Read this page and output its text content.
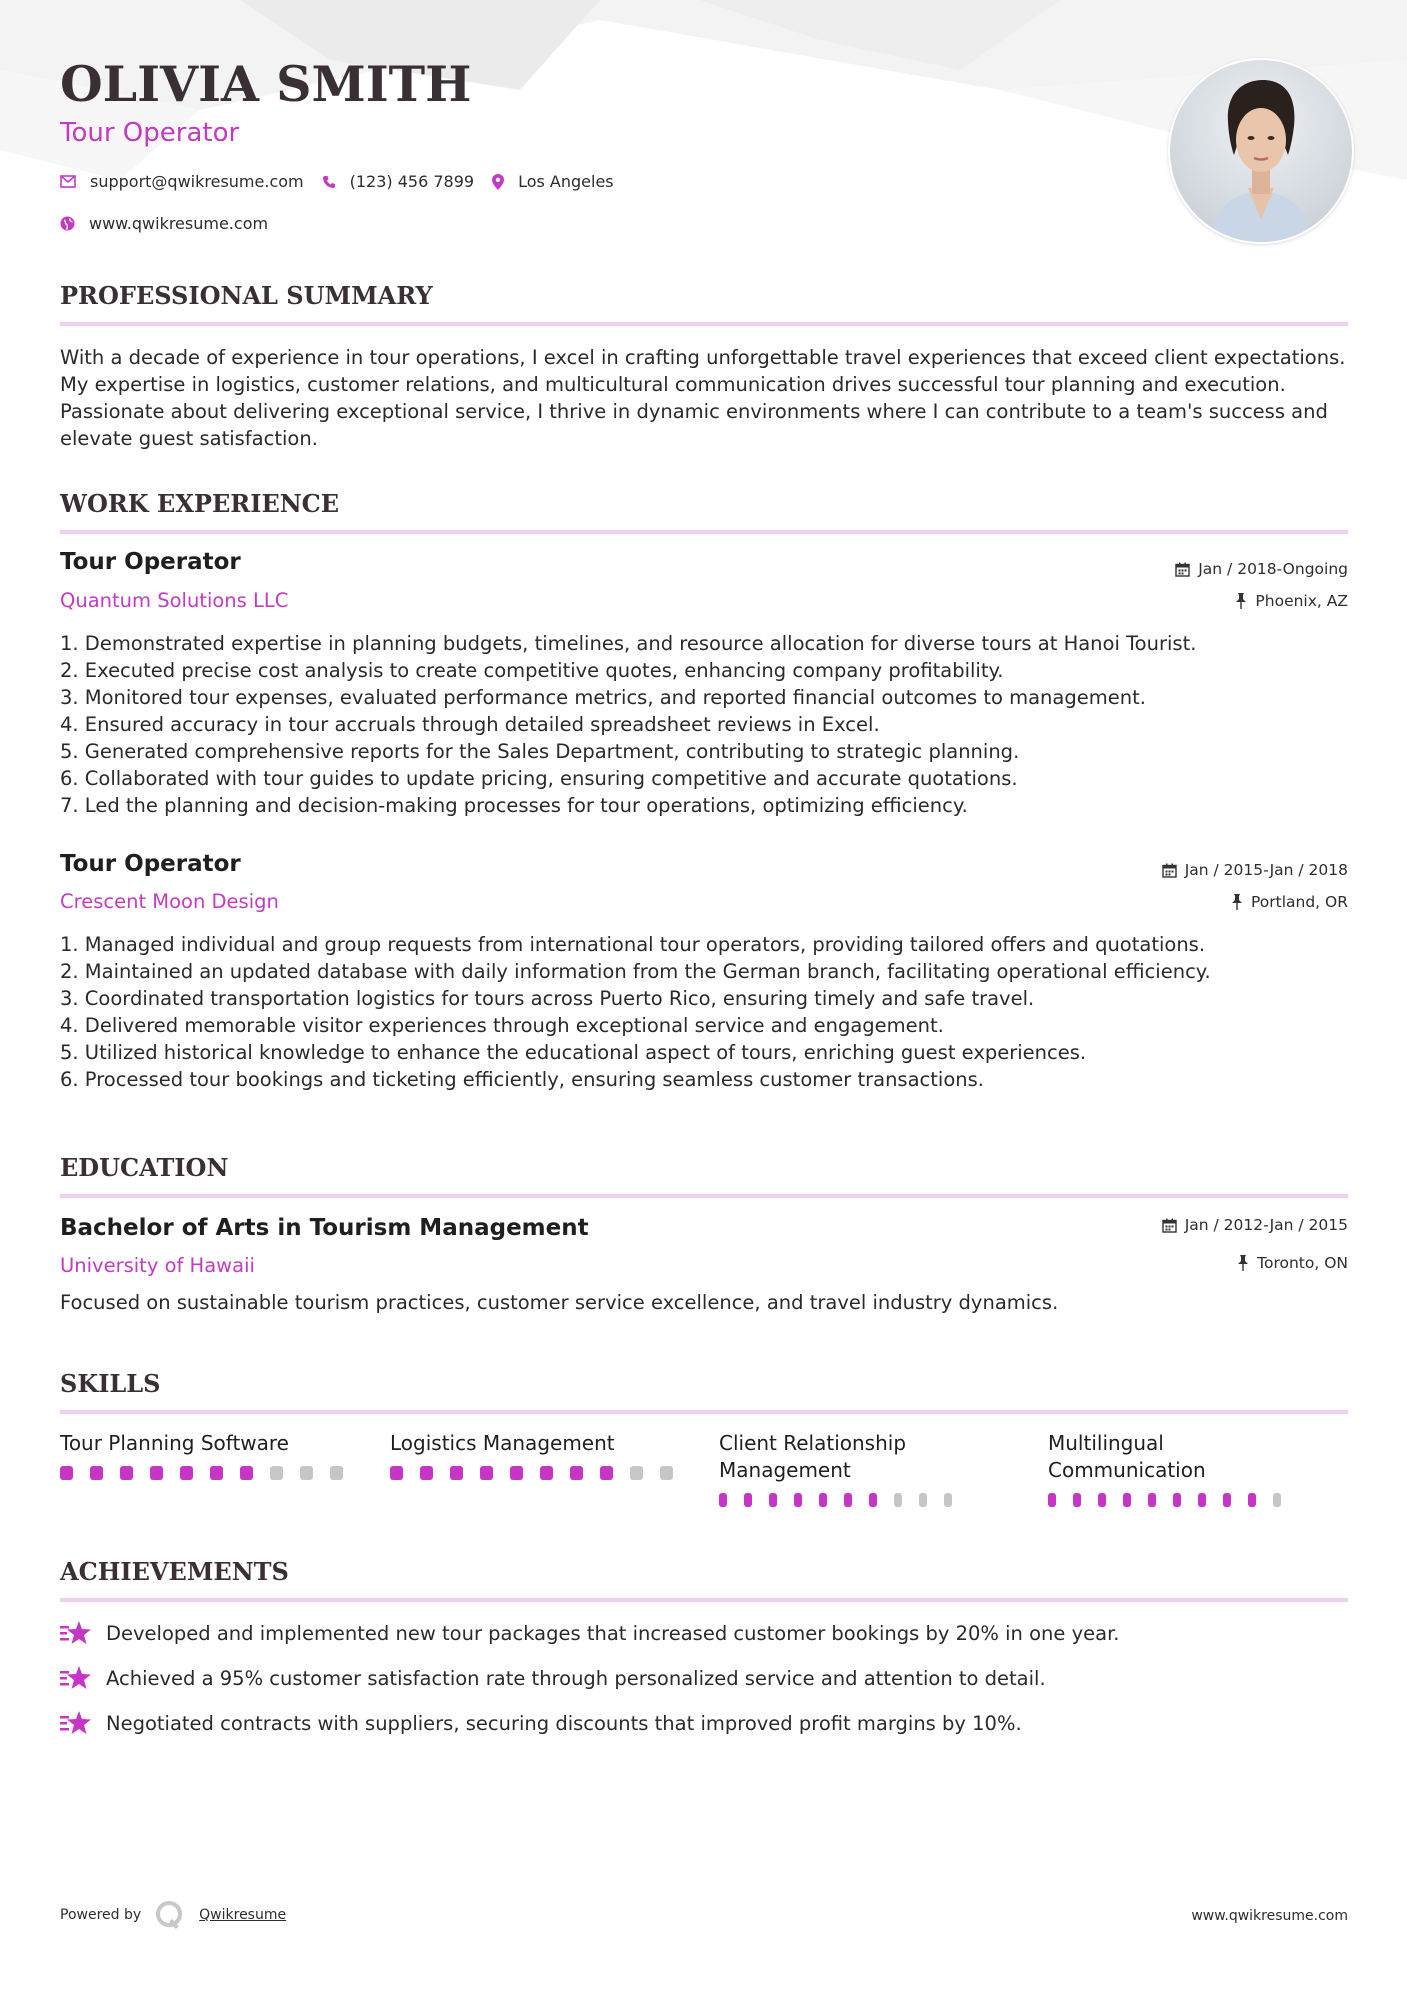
OLIVIA SMITH
Tour Operator
support@qwikresume.com	(123) 456 7899	Los Angeles
www.qwikresume.com
PROFESSIONAL SUMMARY

With a decade of experience in tour operations, I excel in crafting unforgettable travel experiences that exceed client expectations. My expertise in logistics, customer relations, and multicultural communication drives successful tour planning and execution. Passionate about delivering exceptional service, I thrive in dynamic environments where I can contribute to a team's success and elevate guest satisfaction.

WORK EXPERIENCE
Tour Operator
Quantum Solutions LLC
Jan / 2018-Ongoing
Phoenix, AZ
1. Demonstrated expertise in planning budgets, timelines, and resource allocation for diverse tours at Hanoi Tourist.
2. Executed precise cost analysis to create competitive quotes, enhancing company profitability.
3. Monitored tour expenses, evaluated performance metrics, and reported financial outcomes to management.
4. Ensured accuracy in tour accruals through detailed spreadsheet reviews in Excel.
5. Generated comprehensive reports for the Sales Department, contributing to strategic planning.
6. Collaborated with tour guides to update pricing, ensuring competitive and accurate quotations.
7. Led the planning and decision-making processes for tour operations, optimizing efficiency.
Tour Operator
Crescent Moon Design
Jan / 2015-Jan / 2018
Portland, OR
1. Managed individual and group requests from international tour operators, providing tailored offers and quotations.
2. Maintained an updated database with daily information from the German branch, facilitating operational efficiency.
3. Coordinated transportation logistics for tours across Puerto Rico, ensuring timely and safe travel.
4. Delivered memorable visitor experiences through exceptional service and engagement.
5. Utilized historical knowledge to enhance the educational aspect of tours, enriching guest experiences.
6. Processed tour bookings and ticketing efficiently, ensuring seamless customer transactions.
EDUCATION
Bachelor of Arts in Tourism Management
University of Hawaii
Jan / 2012-Jan / 2015
Toronto, ON

Focused on sustainable tourism practices, customer service excellence, and travel industry dynamics.

SKILLS
Tour Planning Software	Logistics Management	Client Relationship Management
Multilingual Communication
ACHIEVEMENTS
Developed and implemented new tour packages that increased customer bookings by 20% in one year.
Achieved a 95% customer satisfaction rate through personalized service and attention to detail.
Negotiated contracts with suppliers, securing discounts that improved profit margins by 10%.
Powered by	Qwikresume	www.qwikresume.com
